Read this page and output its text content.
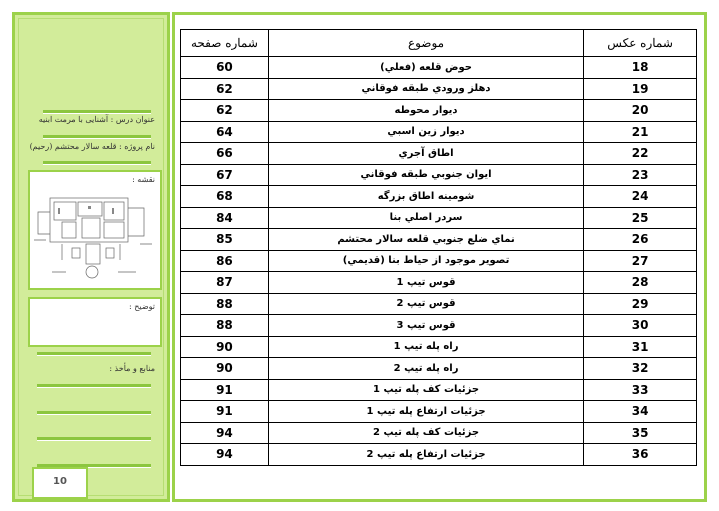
عنوان درس : آشنایی با مرمت ابنیه
نام پروژه : قلعه سالار محتشم (رحیم)
نقشه :
توضیح :
منابع و مأخذ :
10
شماره عكس	موضوع	شماره صفحه
18	حوض قلعه (فعلي)	60
19	دهلز ورودي طبقه فوقاني	62
20	ديوار محوطه	62
21	ديوار زين اسبي	64
22	اطاق آجري	66
23	ايوان جنوبي طبقه فوقاني	67
24	شومينه اطاق بزرگه	68
25	سردر اصلي بنا	84
26	نماي ضلع جنوبي قلعه سالار محتشم	85
27	تصوير موجود از حياط بنا (قديمي)	86
28	قوس تيپ 1	87
29	قوس تيپ 2	88
30	قوس تيپ 3	88
31	راه پله تيپ 1	90
32	راه پله تيپ 2	90
33	جزئيات كف پله تيپ 1	91
34	جزئيات ارتفاع پله تيپ 1	91
35	جزئيات كف پله تيپ 2	94
36	جزئيات ارتفاع پله تيپ 2	94
